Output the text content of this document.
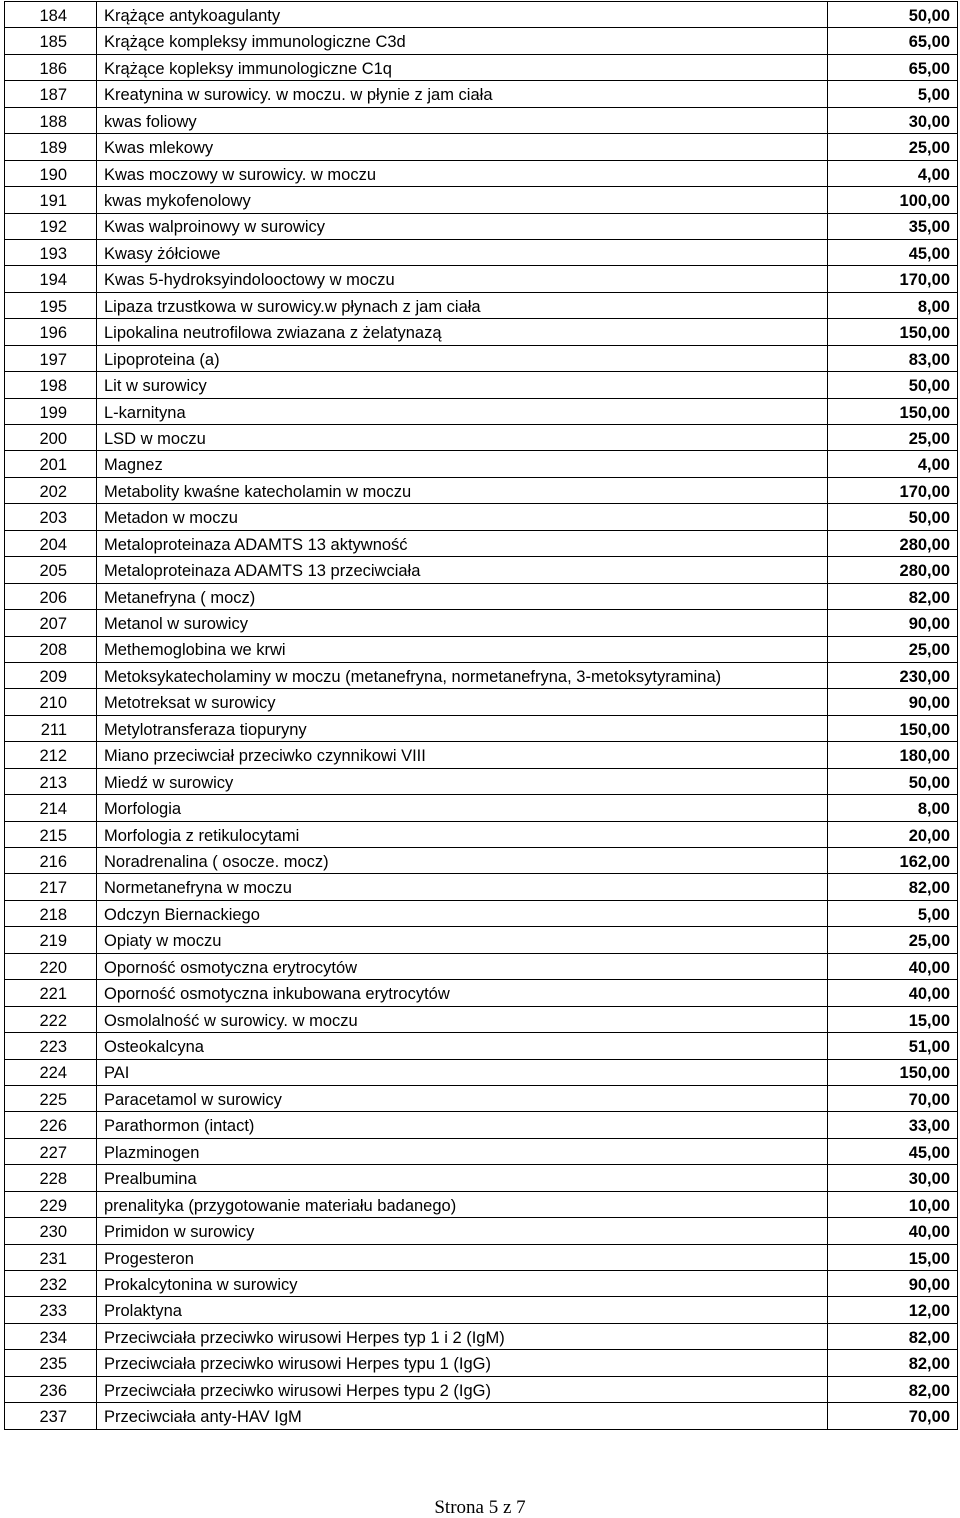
184	Krążące antykoagulanty	50,00
185	Krążące kompleksy immunologiczne C3d	65,00
186	Krążące kopleksy immunologiczne C1q	65,00
187	Kreatynina w surowicy. w moczu. w płynie z jam ciała	5,00
188	kwas foliowy	30,00
189	Kwas mlekowy	25,00
190	Kwas moczowy w surowicy. w moczu	4,00
191	kwas mykofenolowy	100,00
192	Kwas walproinowy w surowicy	35,00
193	Kwasy żółciowe	45,00
194	Kwas 5-hydroksyindolooctowy w moczu	170,00
195	Lipaza trzustkowa w surowicy.w płynach z jam ciała	8,00
196	Lipokalina neutrofilowa zwiazana z żelatynazą	150,00
197	Lipoproteina (a)	83,00
198	Lit w surowicy	50,00
199	L-karnityna	150,00
200	LSD w moczu	25,00
201	Magnez	4,00
202	Metabolity kwaśne katecholamin w moczu	170,00
203	Metadon w moczu	50,00
204	Metaloproteinaza ADAMTS 13 aktywność	280,00
205	Metaloproteinaza ADAMTS 13 przeciwciała	280,00
206	Metanefryna ( mocz)	82,00
207	Metanol w surowicy	90,00
208	Methemoglobina we krwi	25,00
209	Metoksykatecholaminy w moczu (metanefryna, normetanefryna, 3-metoksytyramina)	230,00
210	Metotreksat w surowicy	90,00
211	Metylotransferaza tiopuryny	150,00
212	Miano przeciwciał przeciwko czynnikowi VIII	180,00
213	Miedź w surowicy	50,00
214	Morfologia	8,00
215	Morfologia z retikulocytami	20,00
216	Noradrenalina ( osocze. mocz)	162,00
217	Normetanefryna w moczu	82,00
218	Odczyn Biernackiego	5,00
219	Opiaty w moczu	25,00
220	Oporność osmotyczna erytrocytów	40,00
221	Oporność osmotyczna inkubowana erytrocytów	40,00
222	Osmolalność w surowicy. w moczu	15,00
223	Osteokalcyna	51,00
224	PAI	150,00
225	Paracetamol w surowicy	70,00
226	Parathormon (intact)	33,00
227	Plazminogen	45,00
228	Prealbumina	30,00
229	prenalityka (przygotowanie materiału badanego)	10,00
230	Primidon w surowicy	40,00
231	Progesteron	15,00
232	Prokalcytonina w surowicy	90,00
233	Prolaktyna	12,00
234	Przeciwciała przeciwko wirusowi Herpes typ 1 i 2 (IgM)	82,00
235	Przeciwciała przeciwko wirusowi Herpes typu 1 (IgG)	82,00
236	Przeciwciała przeciwko wirusowi Herpes typu 2 (IgG)	82,00
237	Przeciwciała anty-HAV IgM	70,00
Strona 5 z 7
